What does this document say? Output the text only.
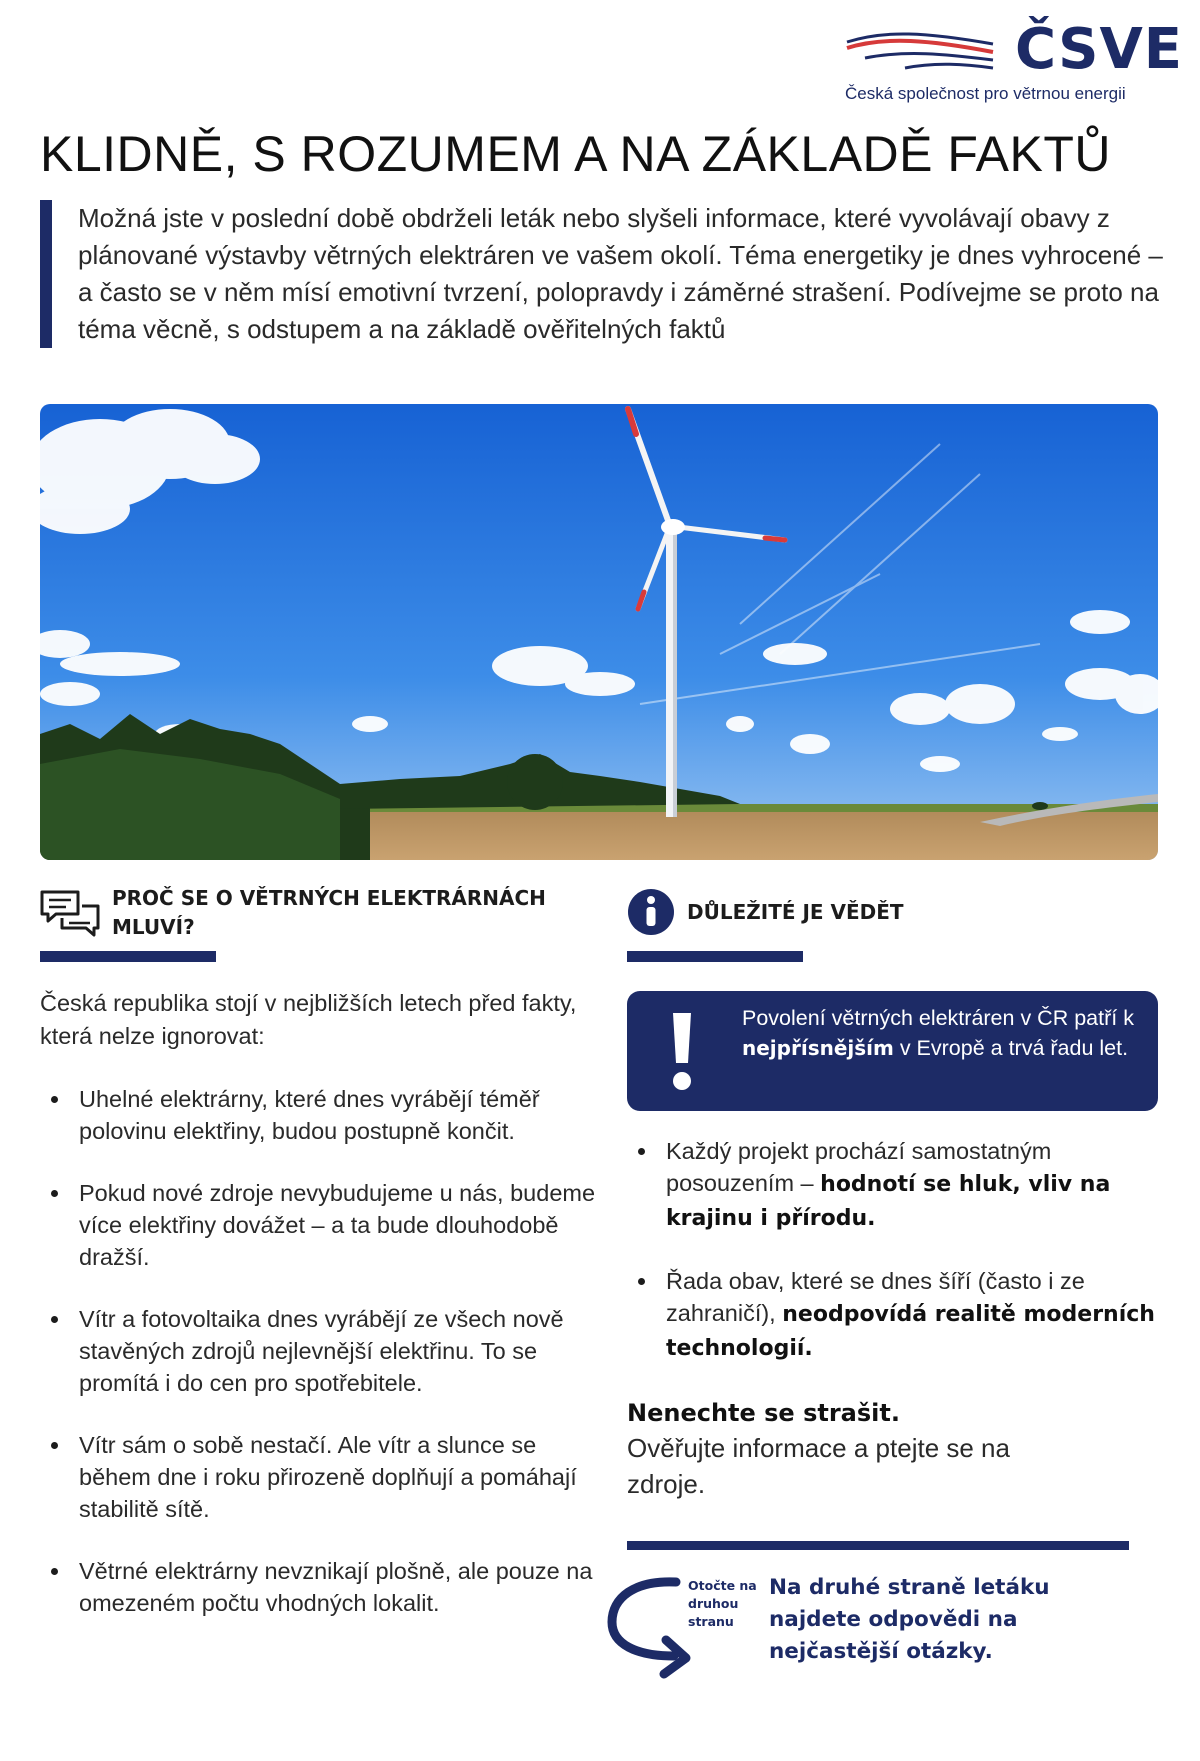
ČSVE
Česká společnost pro větrnou energii
KLIDNĚ, S ROZUMEM A NA ZÁKLADĚ FAKTŮ

Možná jste v poslední době obdrželi leták nebo slyšeli informace, které vyvolávají obavy z plánované výstavby větrných elektráren ve vašem okolí. Téma energetiky je dnes vyhrocené – a často se v něm mísí emotivní tvrzení, polopravdy i záměrné strašení. Podívejme se proto na téma věcně, s odstupem a na základě ověřitelných faktů

PROČ SE O VĚTRNÝCH ELEKTRÁRNÁCH
MLUVÍ?

Česká republika stojí v nejbližších letech před fakty, která nelze ignorovat:

Uhelné elektrárny, které dnes vyrábějí téměř polovinu elektřiny, budou postupně končit.
Pokud nové zdroje nevybudujeme u nás, budeme více elektřiny dovážet – a ta bude dlouhodobě dražší.
Vítr a fotovoltaika dnes vyrábějí ze všech nově stavěných zdrojů nejlevnější elektřinu. To se promítá i do cen pro spotřebitele.
Vítr sám o sobě nestačí. Ale vítr a slunce se během dne i roku přirozeně doplňují a pomáhají stabilitě sítě.
Větrné elektrárny nevznikají plošně, ale pouze na omezeném počtu vhodných lokalit.
DŮLEŽITÉ JE VĚDĚT
Povolení větrných elektráren v ČR patří k nejpřísnějším v Evropě a trvá řadu let.
Každý projekt prochází samostatným posouzením – hodnotí se hluk, vliv na krajinu i přírodu.
Řada obav, které se dnes šíří (často i ze zahraničí), neodpovídá realitě moderních technologií.
Nenechte se strašit.
Ověřujte informace a ptejte se na zdroje.
Otočte na druhou stranu
Na druhé straně letáku najdete odpovědi na nejčastější otázky.
